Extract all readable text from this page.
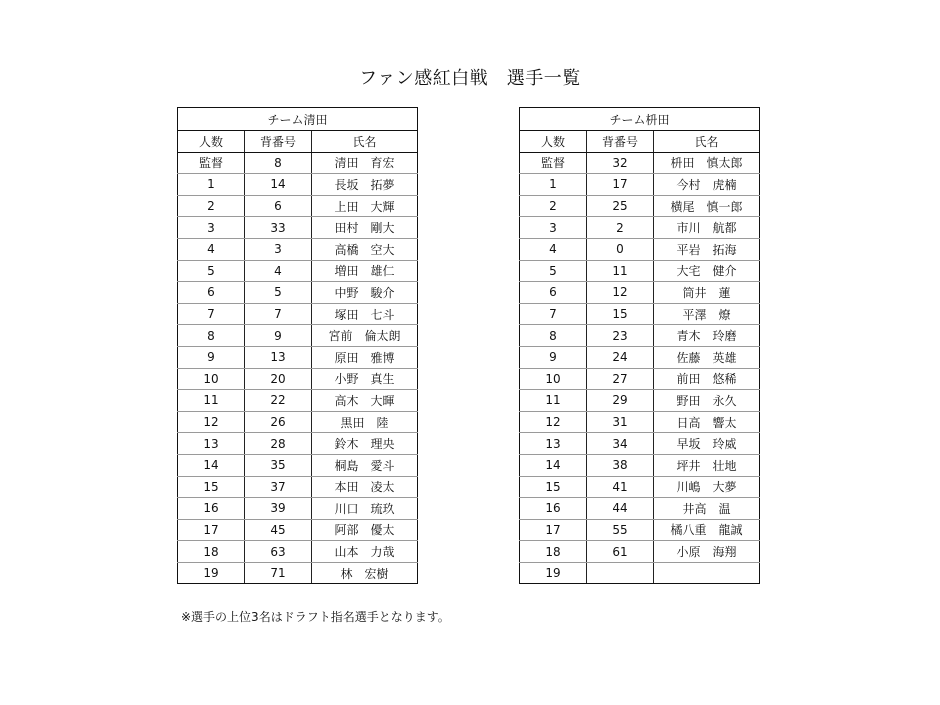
ファン感紅白戦　選手一覧
チーム清田		
人数	背番号	氏名
監督	8	清田　育宏
1	14	長坂　拓夢
2	6	上田　大輝
3	33	田村　剛大
4	3	高橋　空大
5	4	増田　雄仁
6	5	中野　駿介
7	7	塚田　七斗
8	9	宮前　倫太朗
9	13	原田　雅博
10	20	小野　真生
11	22	高木　大暉
12	26	黒田　陸
13	28	鈴木　理央
14	35	桐島　愛斗
15	37	本田　凌太
16	39	川口　琉玖
17	45	阿部　優太
18	63	山本　力哉
19	71	林　宏樹
チーム枡田		
人数	背番号	氏名
監督	32	枡田　慎太郎
1	17	今村　虎楠
2	25	横尾　慎一郎
3	2	市川　航都
4	0	平岩　拓海
5	11	大宅　健介
6	12	筒井　蓮
7	15	平澤　燎
8	23	青木　玲磨
9	24	佐藤　英雄
10	27	前田　悠稀
11	29	野田　永久
12	31	日高　響太
13	34	早坂　玲威
14	38	坪井　壮地
15	41	川嶋　大夢
16	44	井高　温
17	55	橘八重　龍誠
18	61	小原　海翔
19		
※選手の上位3名はドラフト指名選手となります。
